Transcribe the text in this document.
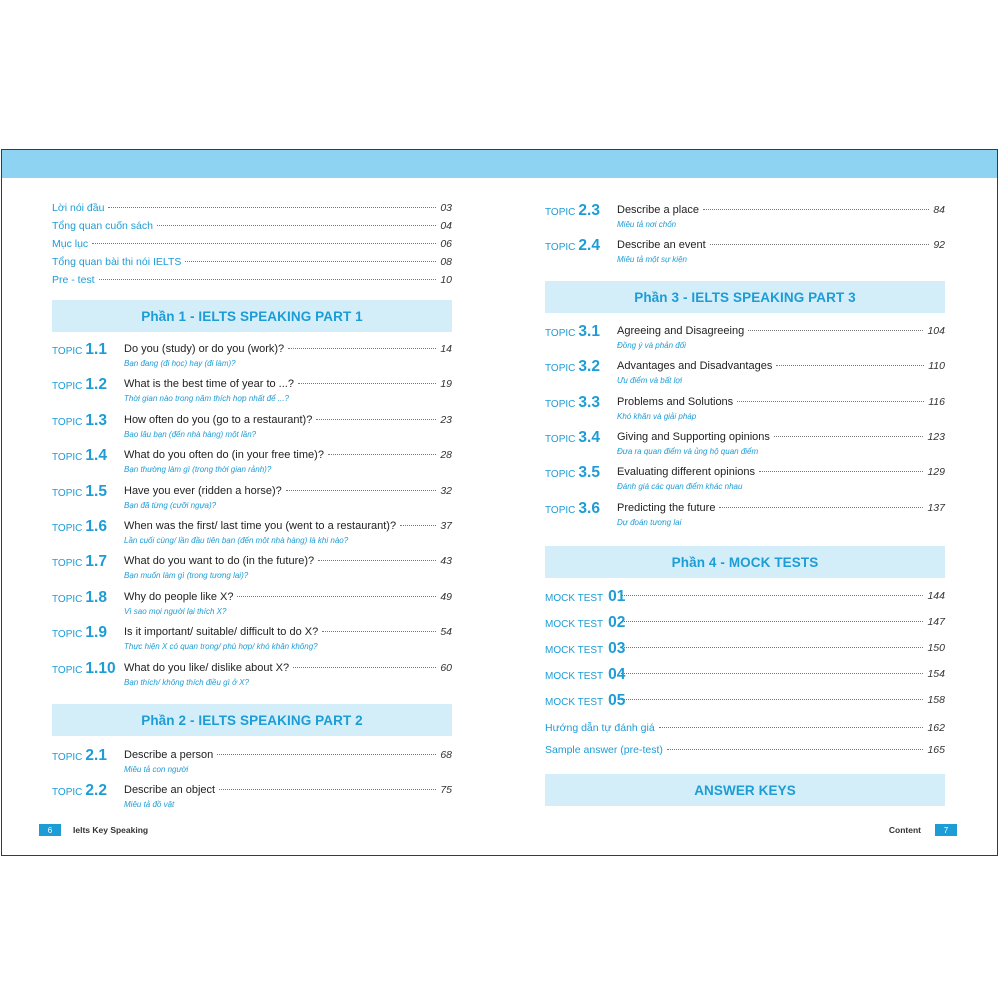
Lời nói đầu	03
Tổng quan cuốn sách	04
Mục lục	06
Tổng quan bài thi nói IELTS	08
Pre - test	10
Phần 1 - IELTS SPEAKING PART 1
TOPIC 1.1 Do you (study) or do you (work)?	14
Bạn đang (đi học) hay (đi làm)?
TOPIC 1.2 What is the best time of year to ...?	19
Thời gian nào trong năm thích hợp nhất để ...?
TOPIC 1.3 How often do you (go to a restaurant)?	23
Bao lâu bạn (đến nhà hàng) một lần?
TOPIC 1.4 What do you often do (in your free time)?	28
Bạn thường làm gì (trong thời gian rảnh)?
TOPIC 1.5 Have you ever (ridden a horse)?	32
Bạn đã từng (cưỡi ngựa)?
TOPIC 1.6 When was the first/ last time you (went to a restaurant)?	37
Lần cuối cùng/ lần đầu tiên bạn (đến một nhà hàng) là khi nào?
TOPIC 1.7 What do you want to do (in the future)?	43
Bạn muốn làm gì (trong tương lai)?
TOPIC 1.8 Why do people like X?	49
Vì sao mọi người lại thích X?
TOPIC 1.9 Is it important/ suitable/ difficult to do X?	54
Thực hiện X có quan trọng/ phù hợp/ khó khăn không?
TOPIC 1.10 What do you like/ dislike about X?	60
Bạn thích/ không thích điều gì ở X?
Phần 2 - IELTS SPEAKING PART 2
TOPIC 2.1 Describe a person	68
Miêu tả con người
TOPIC 2.2 Describe an object	75
Miêu tả đồ vật
TOPIC 2.3 Describe a place	84
Miêu tả nơi chốn
TOPIC 2.4 Describe an event	92
Miêu tả một sự kiện
Phần 3 - IELTS SPEAKING PART 3
TOPIC 3.1 Agreeing and Disagreeing	104
Đồng ý và phản đối
TOPIC 3.2 Advantages and Disadvantages	110
Ưu điểm và bất lợi
TOPIC 3.3 Problems and Solutions	116
Khó khăn và giải pháp
TOPIC 3.4 Giving and Supporting opinions	123
Đưa ra quan điểm và ủng hộ quan điểm
TOPIC 3.5 Evaluating different opinions	129
Đánh giá các quan điểm khác nhau
TOPIC 3.6 Predicting the future	137
Dự đoán tương lai
Phần 4 - MOCK TESTS
MOCK TEST 01	144
MOCK TEST 02	147
MOCK TEST 03	150
MOCK TEST 04	154
MOCK TEST 05	158
Hướng dẫn tự đánh giá	162
Sample answer (pre-test)	165
ANSWER KEYS
6	Ielts Key Speaking	Content	7
